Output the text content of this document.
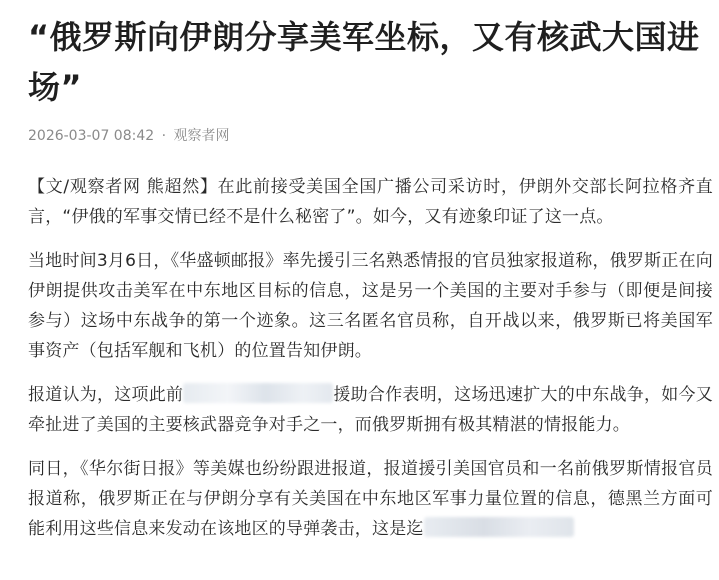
“俄罗斯向伊朗分享美军坐标，又有核武大国进场”
2026-03-07 08:42 · 观察者网

【文/观察者网 熊超然】在此前接受美国全国广播公司采访时，伊朗外交部长阿拉格齐直言，“伊俄的军事交情已经不是什么秘密了”。如今，又有迹象印证了这一点。

当地时间3月6日，《华盛顿邮报》率先援引三名熟悉情报的官员独家报道称，俄罗斯正在向伊朗提供攻击美军在中东地区目标的信息，这是另一个美国的主要对手参与（即便是间接参与）这场中东战争的第一个迹象。这三名匿名官员称，自开战以来，俄罗斯已将美国军事资产（包括军舰和飞机）的位置告知伊朗。

报道认为，这项此前	援助合作表明，这场迅速扩大的中东战争，如今又牵扯进了美国的主要核武器竞争对手之一，而俄罗斯拥有极其精湛的情报能力。

同日，《华尔街日报》等美媒也纷纷跟进报道，报道援引美国官员和一名前俄罗斯情报官员报道称，俄罗斯正在与伊朗分享有关美国在中东地区军事力量位置的信息，德黑兰方面可能利用这些信息来发动在该地区的导弹袭击，这是迄
